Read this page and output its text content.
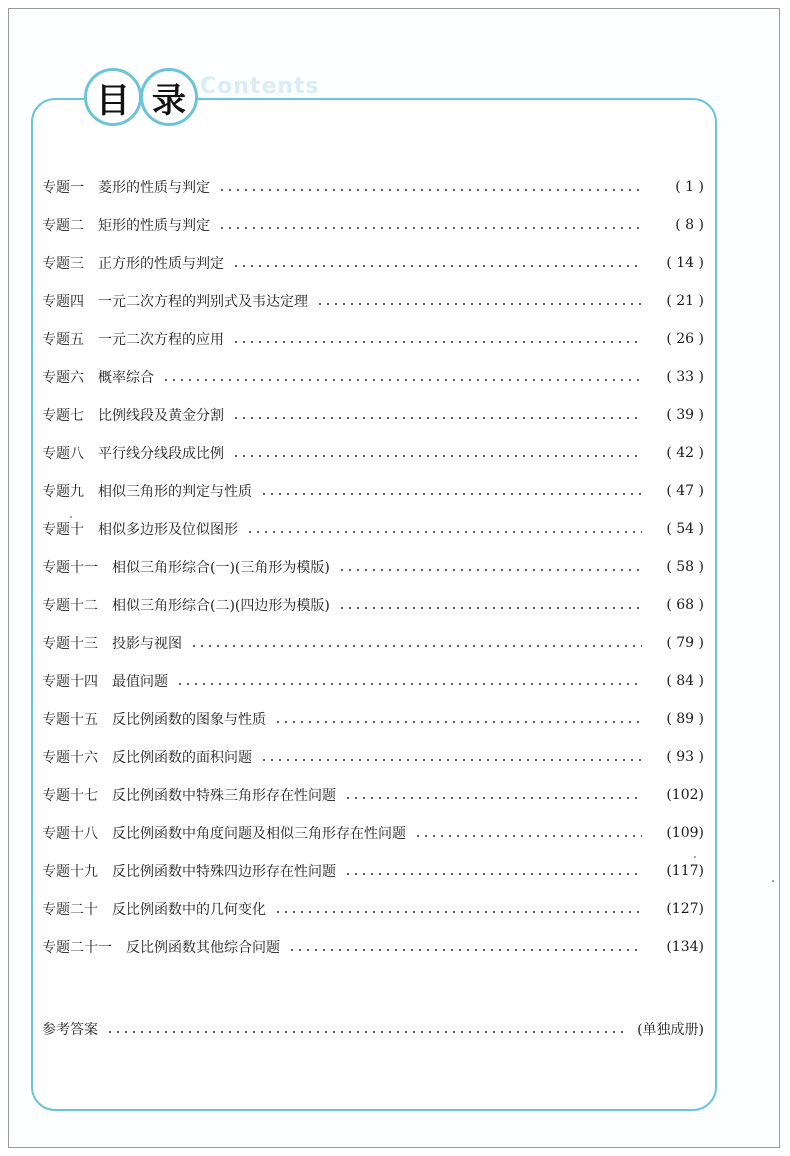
Contents
目 录
专题一 菱形的性质与判定	( 1 )
专题二 矩形的性质与判定	( 8 )
专题三 正方形的性质与判定	( 14 )
专题四 一元二次方程的判别式及韦达定理	( 21 )
专题五 一元二次方程的应用	( 26 )
专题六 概率综合	( 33 )
专题七 比例线段及黄金分割	( 39 )
专题八 平行线分线段成比例	( 42 )
专题九 相似三角形的判定与性质	( 47 )
专题十 相似多边形及位似图形	( 54 )
专题十一 相似三角形综合(一)(三角形为模版)	( 58 )
专题十二 相似三角形综合(二)(四边形为模版)	( 68 )
专题十三 投影与视图	( 79 )
专题十四 最值问题	( 84 )
专题十五 反比例函数的图象与性质	( 89 )
专题十六 反比例函数的面积问题	( 93 )
专题十七 反比例函数中特殊三角形存在性问题	(102)
专题十八 反比例函数中角度问题及相似三角形存在性问题	(109)
专题十九 反比例函数中特殊四边形存在性问题	(117)
专题二十 反比例函数中的几何变化	(127)
专题二十一 反比例函数其他综合问题	(134)
参考答案	(单独成册)
